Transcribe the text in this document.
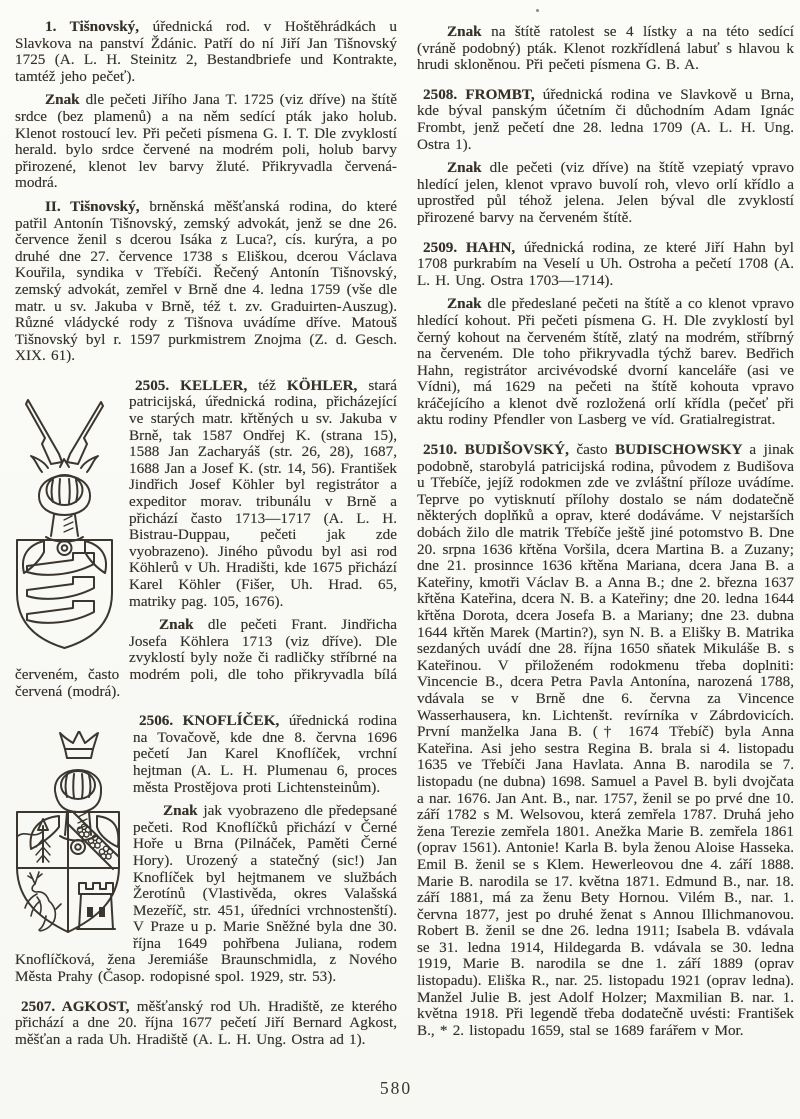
1. Tišnovský, úřednická rod. v Hoštěhrádkách u Slavkova na panství Ždánic. Patří do ní Jiří Jan Tišnovský 1725 (A. L. H. Steinitz 2, Bestandbriefe und Kontrakte, tamtéž jeho pečeť).

Znak dle pečeti Jiřího Jana T. 1725 (viz dříve) na štítě srdce (bez plamenů) a na něm sedící pták jako holub. Klenot rostoucí lev. Při pečeti písmena G. I. T. Dle zvyklostí herald. bylo srdce červené na modrém poli, holub barvy přirozené, klenot lev barvy žluté. Přikryvadla červená-modrá.

II. Tišnovský, brněnská měšťanská rodina, do které patřil Antonín Tišnovský, zemský advokát, jenž se dne 26. července ženil s dcerou Isáka z Luca?, cís. kurýra, a po druhé dne 27. července 1738 s Eliškou, dcerou Václava Kouřila, syndika v Třebíči. Řečený Antonín Tišnovský, zemský advokát, zemřel v Brně dne 4. ledna 1759 (vše dle matr. u sv. Jakuba v Brně, též t. zv. Graduirten-Auszug). Různé vládycké rody z Tišnova uvádíme dříve. Matouš Tišnovský byl r. 1597 purkmistrem Znojma (Z. d. Gesch. XIX. 61).

2505. KELLER, též KÖHLER, stará patricijská, úřednická rodina, přicházející ve starých matr. křtěných u sv. Jakuba v Brně, tak 1587 Ondřej K. (strana 15), 1588 Jan Zacharyáš (str. 26, 28), 1687, 1688 Jan a Josef K. (str. 14, 56). František Jindřich Josef Köhler byl registrátor a expeditor morav. tribunálu v Brně a přichází často 1713—1717 (A. L. H. Bistrau-Duppau, pečeti jak zde vyobrazeno). Jiného původu byl asi rod Köhlerů v Uh. Hradišti, kde 1675 přichází Karel Köhler (Fišer, Uh. Hrad. 65, matriky pag. 105, 1676).

Znak dle pečeti Frant. Jindřicha Josefa Köhlera 1713 (viz dříve). Dle zvyklostí byly nože či radličky stříbrné na červeném, často modrém poli, dle toho přikryvadla bílá červená (modrá).

2506. KNOFLÍČEK, úřednická rodina na Tovačově, kde dne 8. června 1696 pečetí Jan Karel Knoflíček, vrchní hejtman (A. L. H. Plumenau 6, proces města Prostějova proti Lichtensteinům).

Znak jak vyobrazeno dle předepsané pečeti. Rod Knoflíčků přichází v Černé Hoře u Brna (Pilnáček, Paměti Černé Hory). Urozený a statečný (sic!) Jan Knoflíček byl hejtmanem ve službách Žerotínů (Vlastivěda, okres Valašská Mezeříč, str. 451, úředníci vrchnostenští). V Praze u p. Marie Sněžné byla dne 30. října 1649 pohřbena Juliana, rodem Knoflíčková, žena Jeremiáše Braunschmidla, z Nového Města Prahy (Časop. rodopisné spol. 1929, str. 53).

2507. AGKOST, měšťanský rod Uh. Hradiště, ze kterého přichází a dne 20. října 1677 pečetí Jiří Bernard Agkost, měšťan a rada Uh. Hradiště (A. L. H. Ung. Ostra ad 1).

Znak na štítě ratolest se 4 lístky a na této sedící (vráně podobný) pták. Klenot rozkřídlená labuť s hlavou k hrudi skloněnou. Při pečeti písmena G. B. A.

2508. FROMBT, úřednická rodina ve Slavkově u Brna, kde býval panským účetním či důchodním Adam Ignác Frombt, jenž pečetí dne 28. ledna 1709 (A. L. H. Ung. Ostra 1).

Znak dle pečeti (viz dříve) na štítě vzepiatý vpravo hledící jelen, klenot vpravo buvolí roh, vlevo orlí křídlo a uprostřed půl téhož jelena. Jelen býval dle zvyklostí přirozené barvy na červeném štítě.

2509. HAHN, úřednická rodina, ze které Jiří Hahn byl 1708 purkrabím na Veselí u Uh. Ostroha a pečetí 1708 (A. L. H. Ung. Ostra 1703—1714).

Znak dle předeslané pečeti na štítě a co klenot vpravo hledící kohout. Při pečeti písmena G. H. Dle zvyklostí byl černý kohout na červeném štítě, zlatý na modrém, stříbrný na červeném. Dle toho přikryvadla týchž barev. Bedřich Hahn, registrátor arcivévodské dvorní kanceláře (asi ve Vídni), má 1629 na pečeti na štítě kohouta vpravo kráčejícího a klenot dvě rozložená orlí křídla (pečeť při aktu rodiny Pfendler von Lasberg ve víd. Gratialregistrat.

2510. BUDIŠOVSKÝ, často BUDISCHOWSKY a jinak podobně, starobylá patricijská rodina, původem z Budišova u Třebíče, jejíž rodokmen zde ve zvláštní příloze uvádíme. Teprve po vytisknutí přílohy dostalo se nám dodatečně některých doplňků a oprav, které dodáváme. V nejstarších dobách žilo dle matrik Třebíče ještě jiné potomstvo B. Dne 20. srpna 1636 křtěna Voršila, dcera Martina B. a Zuzany; dne 21. prosinnce 1636 křtěna Mariana, dcera Jana B. a Kateřiny, kmotři Václav B. a Anna B.; dne 2. března 1637 křtěna Kateřina, dcera N. B. a Kateřiny; dne 20. ledna 1644 křtěna Dorota, dcera Josefa B. a Mariany; dne 23. dubna 1644 křtěn Marek (Martin?), syn N. B. a Elišky B. Matrika sezdaných uvádí dne 28. října 1650 sňatek Mikuláše B. s Kateřinou. V přiloženém rodokmenu třeba doplniti: Vincencie B., dcera Petra Pavla Antonína, narozená 1788, vdávala se v Brně dne 6. června za Vincence Wasserhausera, kn. Lichtenšt. revírníka v Zábrdovicích. První manželka Jana B. († 1674 Třebíč) byla Anna Kateřina. Asi jeho sestra Regina B. brala si 4. listopadu 1635 ve Třebíči Jana Havlata. Anna B. narodila se 7. listopadu (ne dubna) 1698. Samuel a Pavel B. byli dvojčata a nar. 1676. Jan Ant. B., nar. 1757, ženil se po prvé dne 10. září 1782 s M. Welsovou, která zemřela 1787. Druhá jeho žena Terezie zemřela 1801. Anežka Marie B. zemřela 1861 (oprav 1561). Antonie! Karla B. byla ženou Aloise Hasseka. Emil B. ženil se s Klem. Hewerleovou dne 4. září 1888. Marie B. narodila se 17. května 1871. Edmund B., nar. 18. září 1881, má za ženu Bety Hornou. Vilém B., nar. 1. června 1877, jest po druhé ženat s Annou Illichmanovou. Robert B. ženil se dne 26. ledna 1911; Isabela B. vdávala se 31. ledna 1914, Hildegarda B. vdávala se 30. ledna 1919, Marie B. narodila se dne 1. září 1889 (oprav listopadu). Eliška R., nar. 25. listopadu 1921 (oprav ledna). Manžel Julie B. jest Adolf Holzer; Maxmilian B. nar. 1. května 1918. Při legendě třeba dodatečně uvésti: František B., * 2. listopadu 1659, stal se 1689 farářem v Mor.

580
